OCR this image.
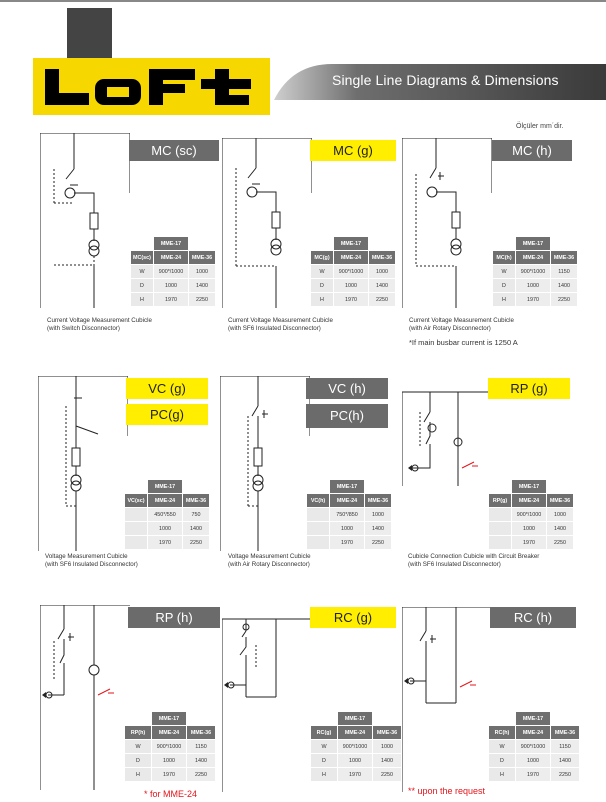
Single Line Diagrams & Dimensions
Ölçüler mm´dir.
MC (sc)	MC (g)	MC (h)
	MME-17	
MC(sc)	MME-24	MME-36
W	900*/1000	1000
D	1000	1400
H	1970	2250
	MME-17	
MC(g)	MME-24	MME-36
W	900*/1000	1000
D	1000	1400
H	1970	2250
	MME-17	
MC(h)	MME-24	MME-36
W	900*/1000	1150
D	1000	1400
H	1970	2250
Current Voltage Measurement Cubicle
(with Switch Disconnector)
Current Voltage Measurement Cubicle
(with SF6 Insulated Disconnector)
Current Voltage Measurement Cubicle
(with Air Rotary Disconnector)
*If main busbar current is 1250 A
VC (g)
PC(g)
VC (h)
PC(h)
RP (g)
	MME-17	
VC(sc)	MME-24	MME-36
	450*/550	750
	1000	1400
	1970	2250
	MME-17	
VC(h)	MME-24	MME-36
	750*/850	1000
	1000	1400
	1970	2250
	MME-17	
RP(g)	MME-24	MME-36
	900*/1000	1000
	1000	1400
	1970	2250
Voltage Measurement Cubicle
(with SF6 Insulated Disconnector)
Voltage Measurement Cubicle
(with Air Rotary Disconnector)
Cubicle Connection Cubicle with Circuit Breaker
(with SF6 Insulated Disconnector)
RP (h)	RC (g)	RC (h)
	MME-17	
RP(h)	MME-24	MME-36
W	900*/1000	1150
D	1000	1400
H	1970	2250
	MME-17	
RC(g)	MME-24	MME-36
W	900*/1000	1000
D	1000	1400
H	1970	2250
	MME-17	
RC(h)	MME-24	MME-36
W	900*/1000	1150
D	1000	1400
H	1970	2250
* for MME-24	** upon the request
